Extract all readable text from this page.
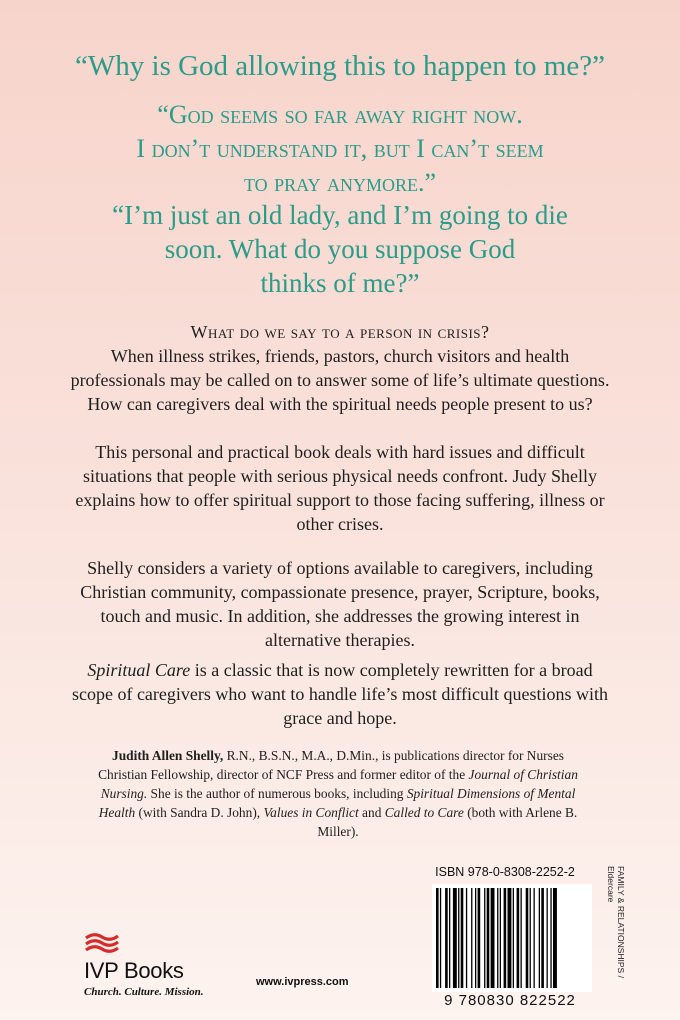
“Why is God allowing this to happen to me?”

“God seems so far away right now.
I don’t understand it, but I can’t seem
to pray anymore.”

“I’m just an old lady, and I’m going to die
soon. What do you suppose God
thinks of me?”

What do we say to a person in crisis?
When illness strikes, friends, pastors, church visitors and health professionals may be called on to answer some of life’s ultimate questions. How can caregivers deal with the spiritual needs people present to us?

This personal and practical book deals with hard issues and difficult situations that people with serious physical needs confront. Judy Shelly explains how to offer spiritual support to those facing suffering, illness or other crises.

Shelly considers a variety of options available to caregivers, including Christian community, compassionate presence, prayer, Scripture, books, touch and music. In addition, she addresses the growing interest in alternative therapies.

Spiritual Care is a classic that is now completely rewritten for a broad scope of caregivers who want to handle life’s most difficult questions with grace and hope.

Judith Allen Shelly, R.N., B.S.N., M.A., D.Min., is publications director for Nurses Christian Fellowship, director of NCF Press and former editor of the Journal of Christian Nursing. She is the author of numerous books, including Spiritual Dimensions of Mental Health (with Sandra D. John), Values in Conflict and Called to Care (both with Arlene B. Miller).

ISBN 978-0-8308-2252-2
9 780830 822522
FAMILY & RELATIONSHIPS /
Eldercare
IVP Books
Church. Culture. Mission.
www.ivpress.com
